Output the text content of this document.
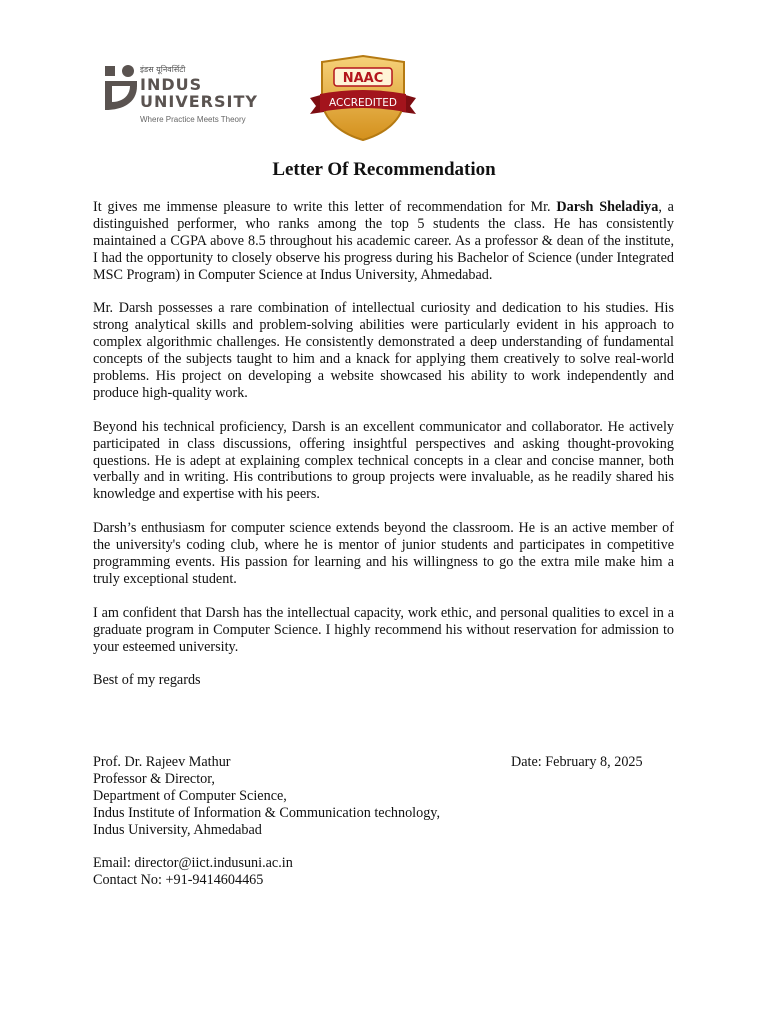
इंडस यूनिवर्सिटी
INDUS
UNIVERSITY
Where Practice Meets Theory
NAAC
ACCREDITED
Letter Of Recommendation

It gives me immense pleasure to write this letter of recommendation for Mr. Darsh Sheladiya, a distinguished performer, who ranks among the top 5 students the class. He has consistently maintained a CGPA above 8.5 throughout his academic career. As a professor & dean of the institute, I had the opportunity to closely observe his progress during his Bachelor of Science (under Integrated MSC Program) in Computer Science at Indus University, Ahmedabad.

Mr. Darsh possesses a rare combination of intellectual curiosity and dedication to his studies. His strong analytical skills and problem-solving abilities were particularly evident in his approach to complex algorithmic challenges. He consistently demonstrated a deep understanding of fundamental concepts of the subjects taught to him and a knack for applying them creatively to solve real-world problems. His project on developing a website showcased his ability to work independently and produce high-quality work.

Beyond his technical proficiency, Darsh is an excellent communicator and collaborator. He actively participated in class discussions, offering insightful perspectives and asking thought-provoking questions. He is adept at explaining complex technical concepts in a clear and concise manner, both verbally and in writing. His contributions to group projects were invaluable, as he readily shared his knowledge and expertise with his peers.

Darsh’s enthusiasm for computer science extends beyond the classroom. He is an active member of the university's coding club, where he is mentor of junior students and participates in competitive programming events. His passion for learning and his willingness to go the extra mile make him a truly exceptional student.

I am confident that Darsh has the intellectual capacity, work ethic, and personal qualities to excel in a graduate program in Computer Science. I highly recommend his without reservation for admission to your esteemed university.

Best of my regards
Prof. Dr. Rajeev Mathur
Professor & Director,
Department of Computer Science,
Indus Institute of Information & Communication technology,
Indus University, Ahmedabad
Date: February 8, 2025
Email: director@iict.indusuni.ac.in
Contact No: +91-9414604465
